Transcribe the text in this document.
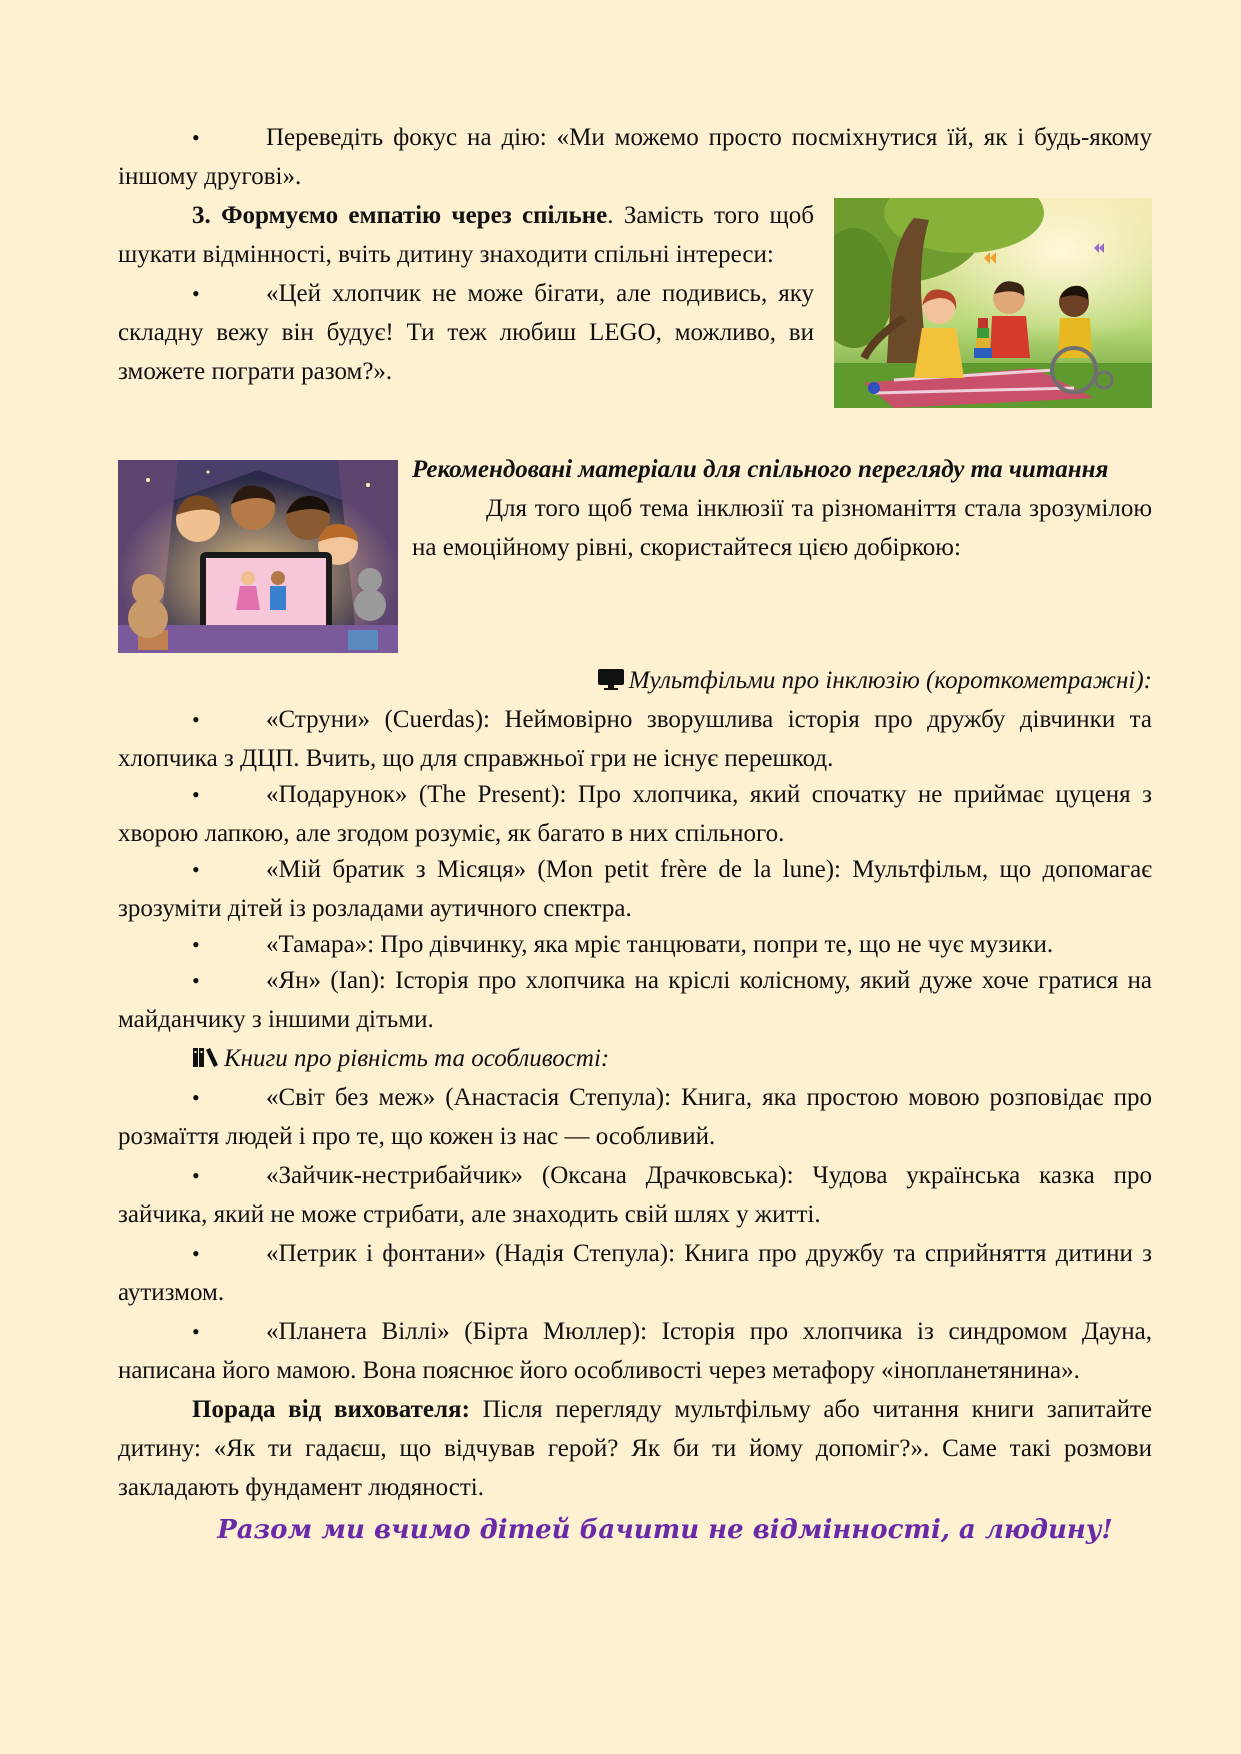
•	Переведіть фокус на дію: «Ми можемо просто посміхнутися їй, як і будь-якому іншому другові».

3. Формуємо емпатію через спільне. Замість того щоб шукати відмінності, вчіть дитину знаходити спільні інтереси:

•	«Цей хлопчик не може бігати, але подивись, яку складну вежу він будує! Ти теж любиш LEGO, можливо, ви зможете пограти разом?».

Рекомендовані матеріали для спільного перегляду та читання

Для того щоб тема інклюзії та різноманіття стала зрозумілою на емоційному рівні, скористайтеся цією добіркою:

Мультфільми про інклюзію (короткометражні):

•	«Струни» (Cuerdas): Неймовірно зворушлива історія про дружбу дівчинки та хлопчика з ДЦП. Вчить, що для справжньої гри не існує перешкод.

•	«Подарунок» (The Present): Про хлопчика, який спочатку не приймає цуценя з хворою лапкою, але згодом розуміє, як багато в них спільного.

•	«Мій братик з Місяця» (Mon petit frère de la lune): Мультфільм, що допомагає зрозуміти дітей із розладами аутичного спектра.

•	«Тамара»: Про дівчинку, яка мріє танцювати, попри те, що не чує музики.

•	«Ян» (Ian): Історія про хлопчика на кріслі колісному, який дуже хоче гратися на майданчику з іншими дітьми.

Книги про рівність та особливості:

•	«Світ без меж» (Анастасія Степула): Книга, яка простою мовою розповідає про розмаїття людей і про те, що кожен із нас — особливий.

•	«Зайчик-нестрибайчик» (Оксана Драчковська): Чудова українська казка про зайчика, який не може стрибати, але знаходить свій шлях у житті.

•	«Петрик і фонтани» (Надія Степула): Книга про дружбу та сприйняття дитини з аутизмом.

•	«Планета Віллі» (Бірта Мюллер): Історія про хлопчика із синдромом Дауна, написана його мамою. Вона пояснює його особливості через метафору «інопланетянина».

Порада від вихователя: Після перегляду мультфільму або читання книги запитайте дитину: «Як ти гадаєш, що відчував герой? Як би ти йому допоміг?». Саме такі розмови закладають фундамент людяності.

Разом ми вчимо дітей бачити не відмінності, а людину!
